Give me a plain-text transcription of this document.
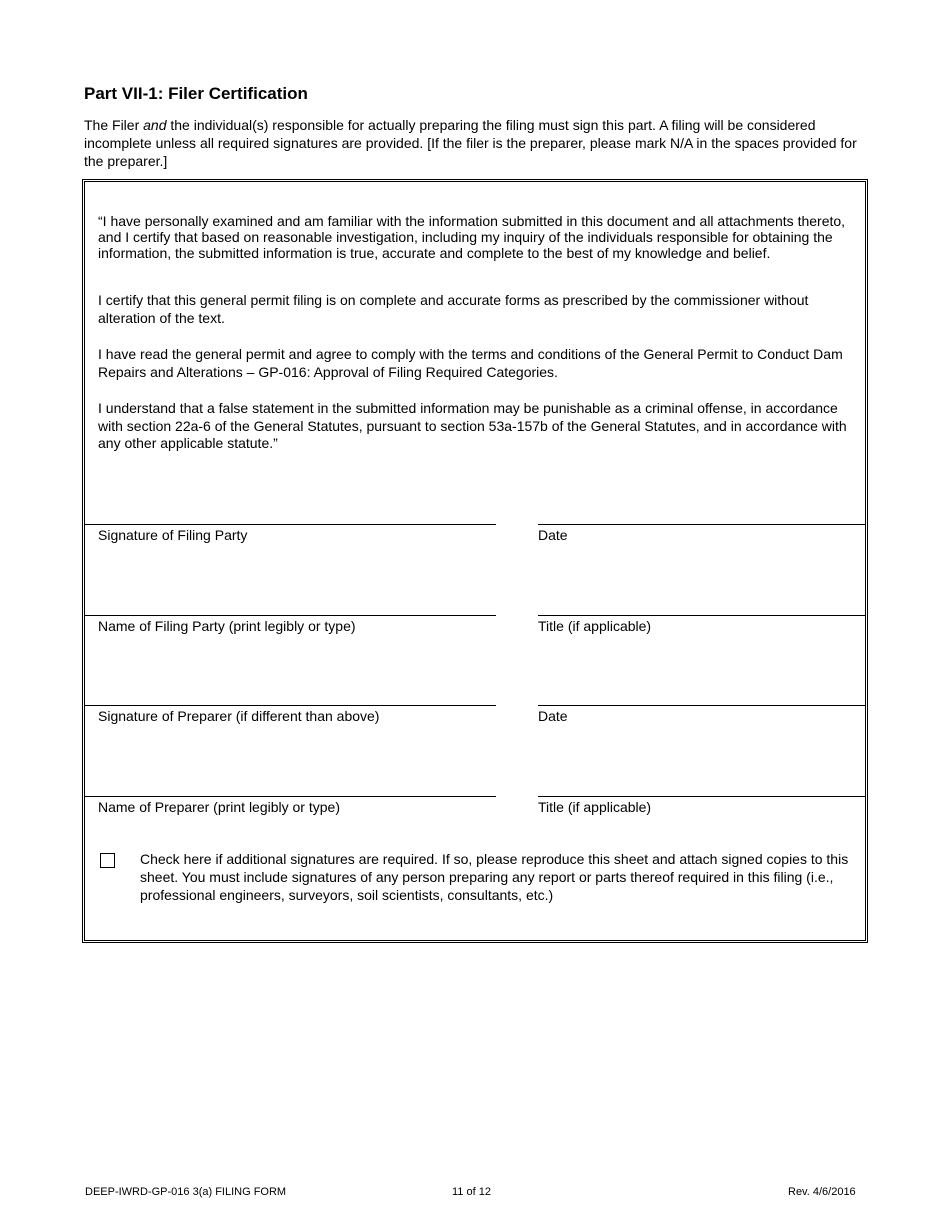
Part VII-1: Filer Certification

The Filer and the individual(s) responsible for actually preparing the filing must sign this part. A filing will be considered incomplete unless all required signatures are provided. [If the filer is the preparer, please mark N/A in the spaces provided for the preparer.]

“I have personally examined and am familiar with the information submitted in this document and all attachments thereto, and I certify that based on reasonable investigation, including my inquiry of the individuals responsible for obtaining the information, the submitted information is true, accurate and complete to the best of my knowledge and belief.

I certify that this general permit filing is on complete and accurate forms as prescribed by the commissioner without alteration of the text.

I have read the general permit and agree to comply with the terms and conditions of the General Permit to Conduct Dam Repairs and Alterations – GP-016: Approval of Filing Required Categories.

I understand that a false statement in the submitted information may be punishable as a criminal offense, in accordance with section 22a-6 of the General Statutes, pursuant to section 53a-157b of the General Statutes, and in accordance with any other applicable statute.”

Signature of Filing Party	Date
Name of Filing Party (print legibly or type)	Title (if applicable)
Signature of Preparer (if different than above)	Date
Name of Preparer (print legibly or type)	Title (if applicable)

Check here if additional signatures are required. If so, please reproduce this sheet and attach signed copies to this sheet. You must include signatures of any person preparing any report or parts thereof required in this filing (i.e., professional engineers, surveyors, soil scientists, consultants, etc.)

DEEP-IWRD-GP-016 3(a) FILING FORM	11 of 12	Rev. 4/6/2016
